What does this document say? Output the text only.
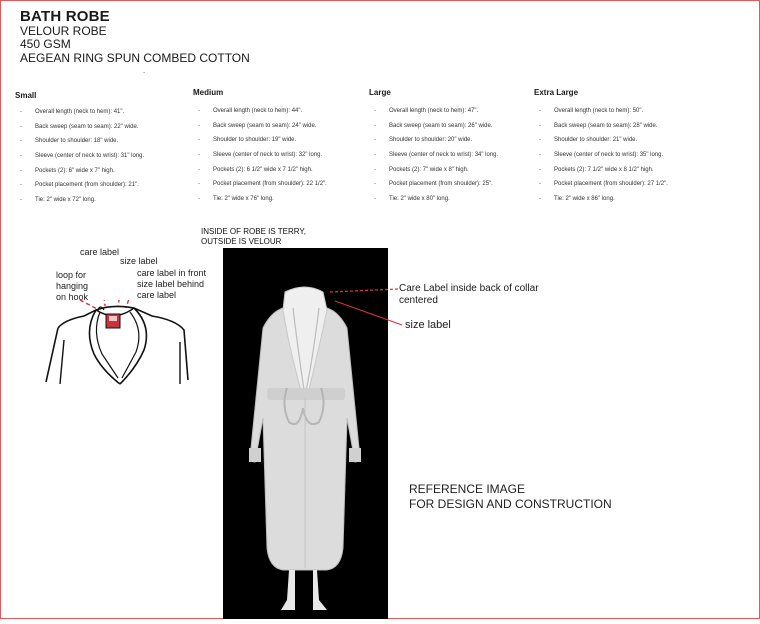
BATH ROBE
VELOUR ROBE
450 GSM
AEGEAN RING SPUN COMBED COTTON
.
Small
- Overall length (neck to hem): 41".
- Back sweep (seam to seam): 22" wide.
- Shoulder to shoulder: 18" wide.
- Sleeve (center of neck to wrist): 31" long.
- Pockets (2): 6" wide x 7" high.
- Pocket placement (from shoulder): 21".
- Tie: 2" wide x 72" long.
Medium
- Overall length (neck to hem): 44".
- Back sweep (seam to seam): 24" wide.
- Shoulder to shoulder: 19" wide.
- Sleeve (center of neck to wrist): 32" long.
- Pockets (2): 6 1/2" wide x 7 1/2" high.
- Pocket placement (from shoulder): 22 1/2".
- Tie: 2" wide x 76" long.
Large
- Overall length (neck to hem): 47".
- Back sweep (seam to seam): 26" wide.
- Shoulder to shoulder: 20" wide.
- Sleeve (center of neck to wrist): 34" long.
- Pockets (2): 7" wide x 8" high.
- Pocket placement (from shoulder): 25".
- Tie: 2" wide x 80" long.
Extra Large
- Overall length (neck to hem): 50".
- Back sweep (seam to seam): 28" wide.
- Shoulder to shoulder: 21" wide.
- Sleeve (center of neck to wrist): 35" long.
- Pockets (2): 7 1/2" wide x 8 1/2" high.
- Pocket placement (from shoulder): 27 1/2".
- Tie: 2" wide x 86" long.
care label
size label
loop for
hanging
on hook
care label in front
size label behind
care label
INSIDE OF ROBE IS TERRY,
OUTSIDE IS VELOUR
Care Label inside back of collar
centered
size label
REFERENCE IMAGE
FOR DESIGN AND CONSTRUCTION
